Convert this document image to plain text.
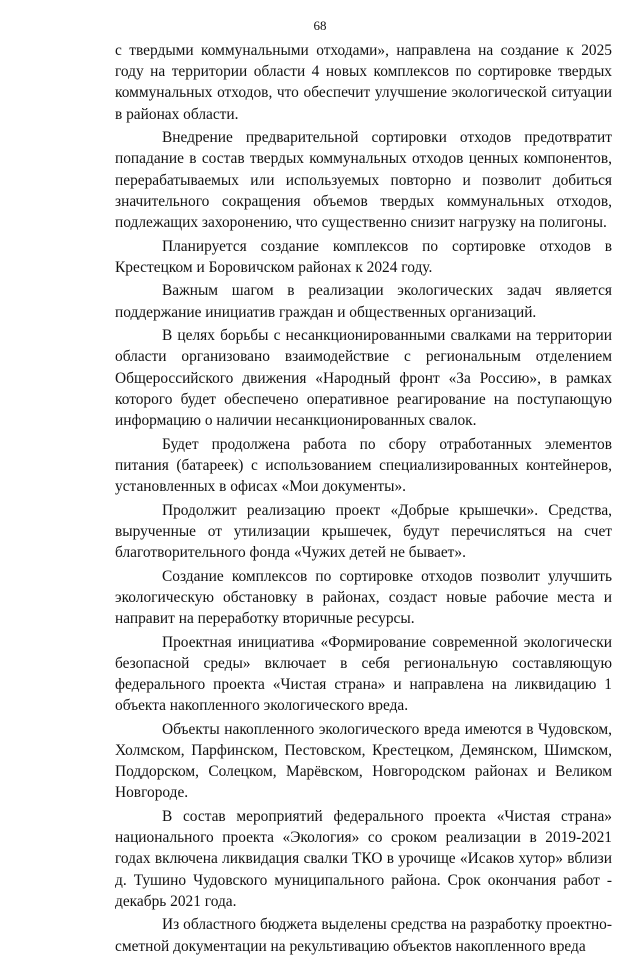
68

с твердыми коммунальными отходами», направлена на создание к 2025 году на территории области 4 новых комплексов по сортировке твердых коммунальных отходов, что обеспечит улучшение экологической ситуации в районах области.

Внедрение предварительной сортировки отходов предотвратит попадание в состав твердых коммунальных отходов ценных компонентов, перерабатываемых или используемых повторно и позволит добиться значительного сокращения объемов твердых коммунальных отходов, подлежащих захоронению, что существенно снизит нагрузку на полигоны.

Планируется создание комплексов по сортировке отходов в Крестецком и Боровичском районах к 2024 году.

Важным шагом в реализации экологических задач является поддержание инициатив граждан и общественных организаций.

В целях борьбы с несанкционированными свалками на территории области организовано взаимодействие с региональным отделением Общероссийского движения «Народный фронт «За Россию», в рамках которого будет обеспечено оперативное реагирование на поступающую информацию о наличии несанкционированных свалок.

Будет продолжена работа по сбору отработанных элементов питания (батареек) с использованием специализированных контейнеров, установленных в офисах «Мои документы».

Продолжит реализацию проект «Добрые крышечки». Средства, вырученные от утилизации крышечек, будут перечисляться на счет благотворительного фонда «Чужих детей не бывает».

Создание комплексов по сортировке отходов позволит улучшить экологическую обстановку в районах, создаст новые рабочие места и направит на переработку вторичные ресурсы.

Проектная инициатива «Формирование современной экологически безопасной среды» включает в себя региональную составляющую федерального проекта «Чистая страна» и направлена на ликвидацию 1 объекта накопленного экологического вреда.

Объекты накопленного экологического вреда имеются в Чудовском, Холмском, Парфинском, Пестовском, Крестецком, Демянском, Шимском, Поддорском, Солецком, Марёвском, Новгородском районах и Великом Новгороде.

В состав мероприятий федерального проекта «Чистая страна» национального проекта «Экология» со сроком реализации в 2019-2021 годах включена ликвидация свалки ТКО в урочище «Исаков хутор» вблизи д. Тушино Чудовского муниципального района. Срок окончания работ - декабрь 2021 года.

Из областного бюджета выделены средства на разработку проектно-сметной документации на рекультивацию объектов накопленного вреда
